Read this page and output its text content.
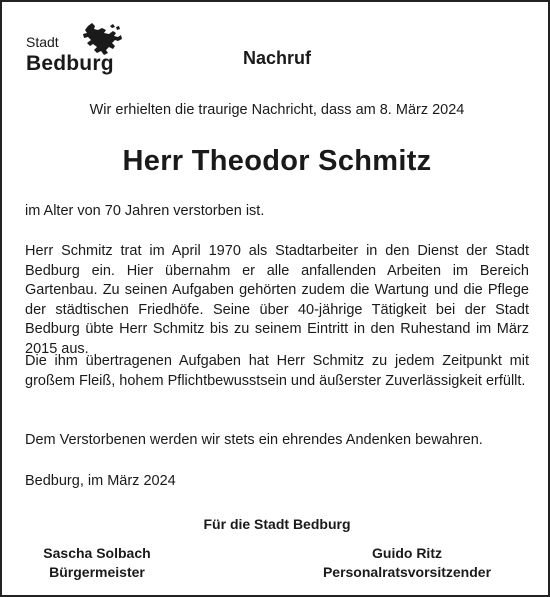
Stadt
Bedburg	Nachruf
Wir erhielten die traurige Nachricht, dass am 8. März 2024
Herr Theodor Schmitz

im Alter von 70 Jahren verstorben ist.

Herr Schmitz trat im April 1970 als Stadtarbeiter in den Dienst der Stadt Bedburg ein. Hier übernahm er alle anfallenden Arbeiten im Bereich Gartenbau. Zu seinen Aufgaben gehörten zudem die Wartung und die Pflege der städtischen Friedhöfe. Seine über 40-jährige Tätigkeit bei der Stadt Bedburg übte Herr Schmitz bis zu seinem Eintritt in den Ruhestand im März 2015 aus.

Die ihm übertragenen Aufgaben hat Herr Schmitz zu jedem Zeitpunkt mit großem Fleiß, hohem Pflichtbewusstsein und äußerster Zuverlässigkeit erfüllt.

Dem Verstorbenen werden wir stets ein ehrendes Andenken bewahren.

Bedburg, im März 2024

Für die Stadt Bedburg
Sascha Solbach
Bürgermeister
Guido Ritz
Personalratsvorsitzender
